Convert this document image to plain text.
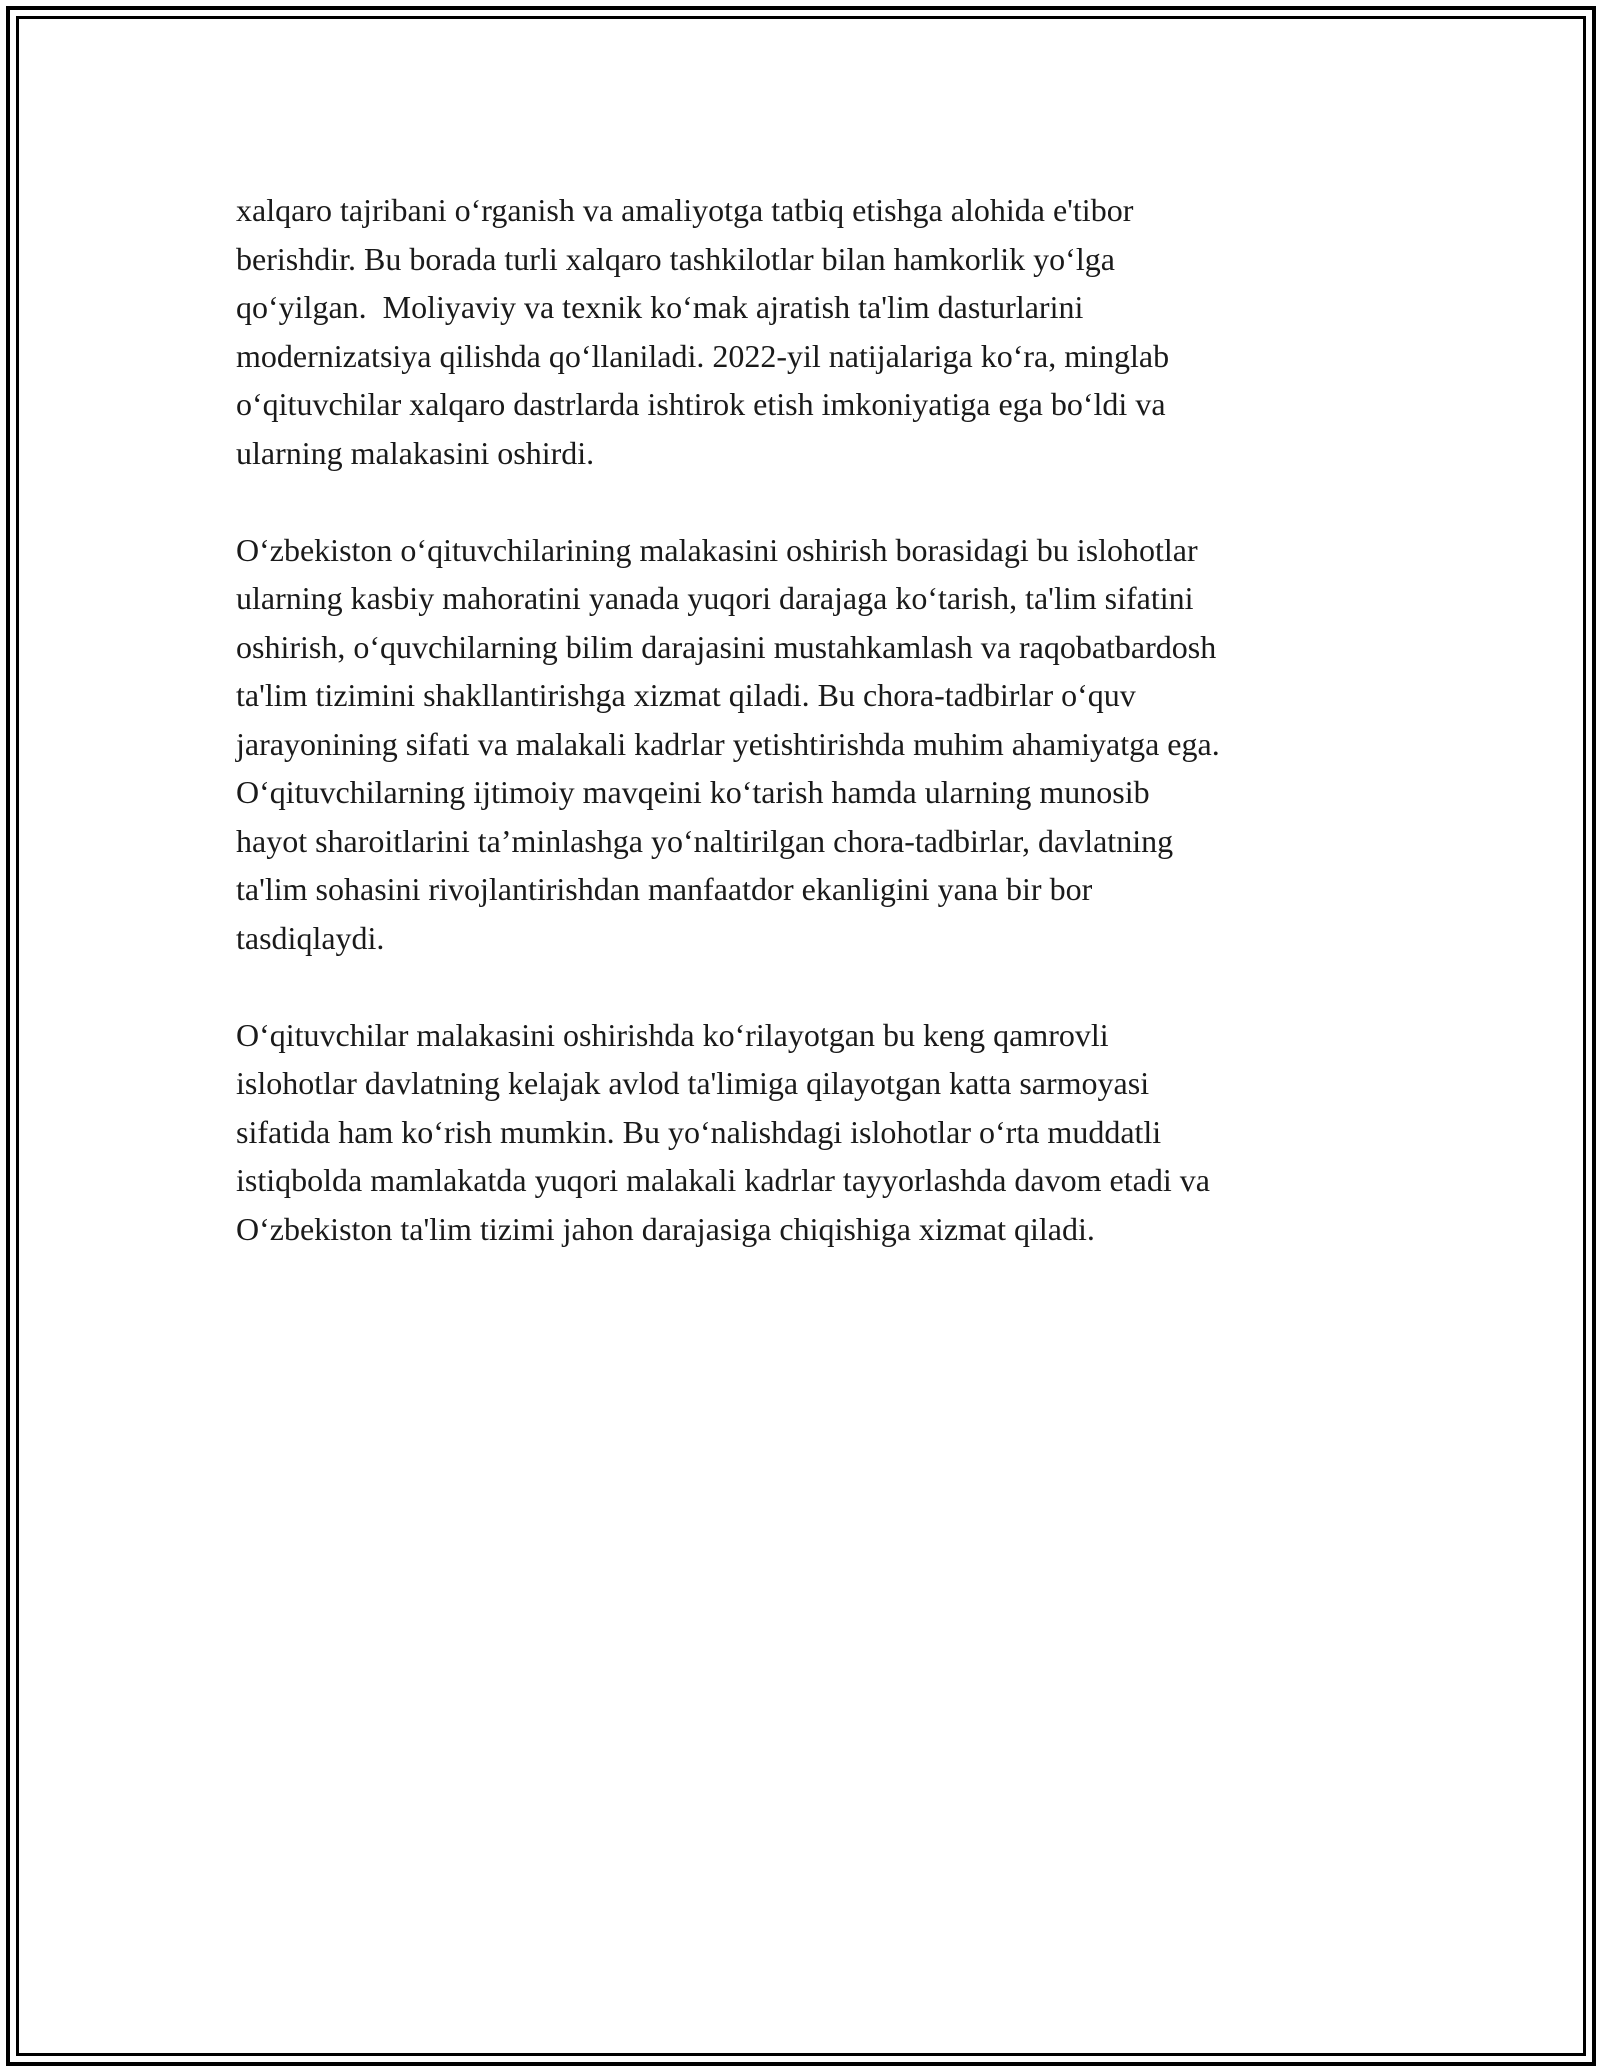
xalqaro tajribani o‘rganish va amaliyotga tatbiq etishga alohida e'tibor
berishdir. Bu borada turli xalqaro tashkilotlar bilan hamkorlik yo‘lga
qo‘yilgan.  Moliyaviy va texnik ko‘mak ajratish ta'lim dasturlarini
modernizatsiya qilishda qo‘llaniladi. 2022-yil natijalariga ko‘ra, minglab
o‘qituvchilar xalqaro dastrlarda ishtirok etish imkoniyatiga ega bo‘ldi va
ularning malakasini oshirdi.

O‘zbekiston o‘qituvchilarining malakasini oshirish borasidagi bu islohotlar
ularning kasbiy mahoratini yanada yuqori darajaga ko‘tarish, ta'lim sifatini
oshirish, o‘quvchilarning bilim darajasini mustahkamlash va raqobatbardosh
ta'lim tizimini shakllantirishga xizmat qiladi. Bu chora-tadbirlar o‘quv
jarayonining sifati va malakali kadrlar yetishtirishda muhim ahamiyatga ega.
O‘qituvchilarning ijtimoiy mavqeini ko‘tarish hamda ularning munosib
hayot sharoitlarini ta’minlashga yo‘naltirilgan chora-tadbirlar, davlatning
ta'lim sohasini rivojlantirishdan manfaatdor ekanligini yana bir bor
tasdiqlaydi.

O‘qituvchilar malakasini oshirishda ko‘rilayotgan bu keng qamrovli
islohotlar davlatning kelajak avlod ta'limiga qilayotgan katta sarmoyasi
sifatida ham ko‘rish mumkin. Bu yo‘nalishdagi islohotlar o‘rta muddatli
istiqbolda mamlakatda yuqori malakali kadrlar tayyorlashda davom etadi va
O‘zbekiston ta'lim tizimi jahon darajasiga chiqishiga xizmat qiladi.
